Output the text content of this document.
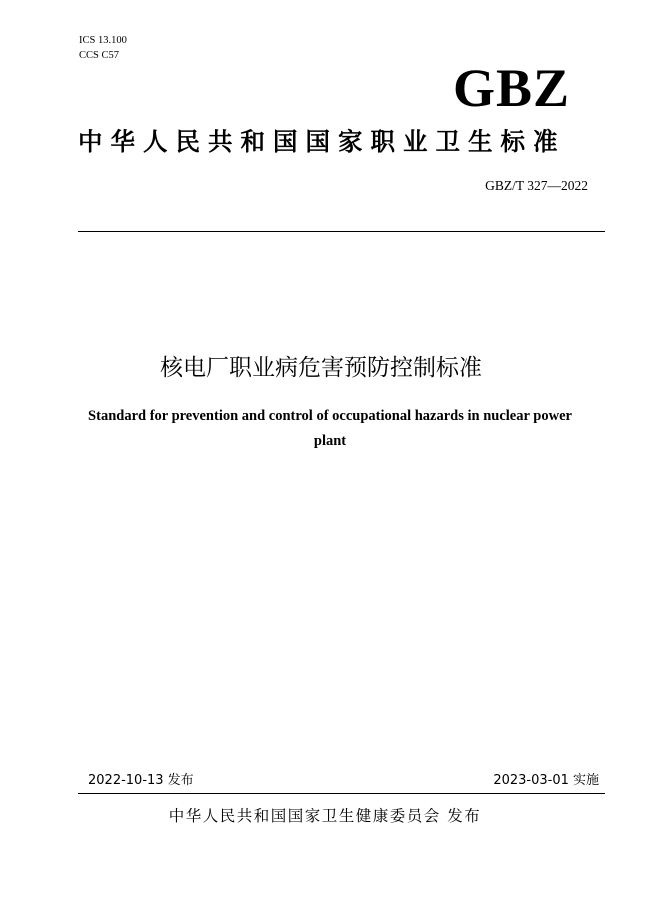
ICS 13.100
CCS C57
GBZ
中华人民共和国国家职业卫生标准
GBZ/T 327—2022
核电厂职业病危害预防控制标准
Standard for prevention and control of occupational hazards in nuclear power
plant
2022-10-13 发布	2023-03-01 实施
中华人民共和国国家卫生健康委员会 发布
